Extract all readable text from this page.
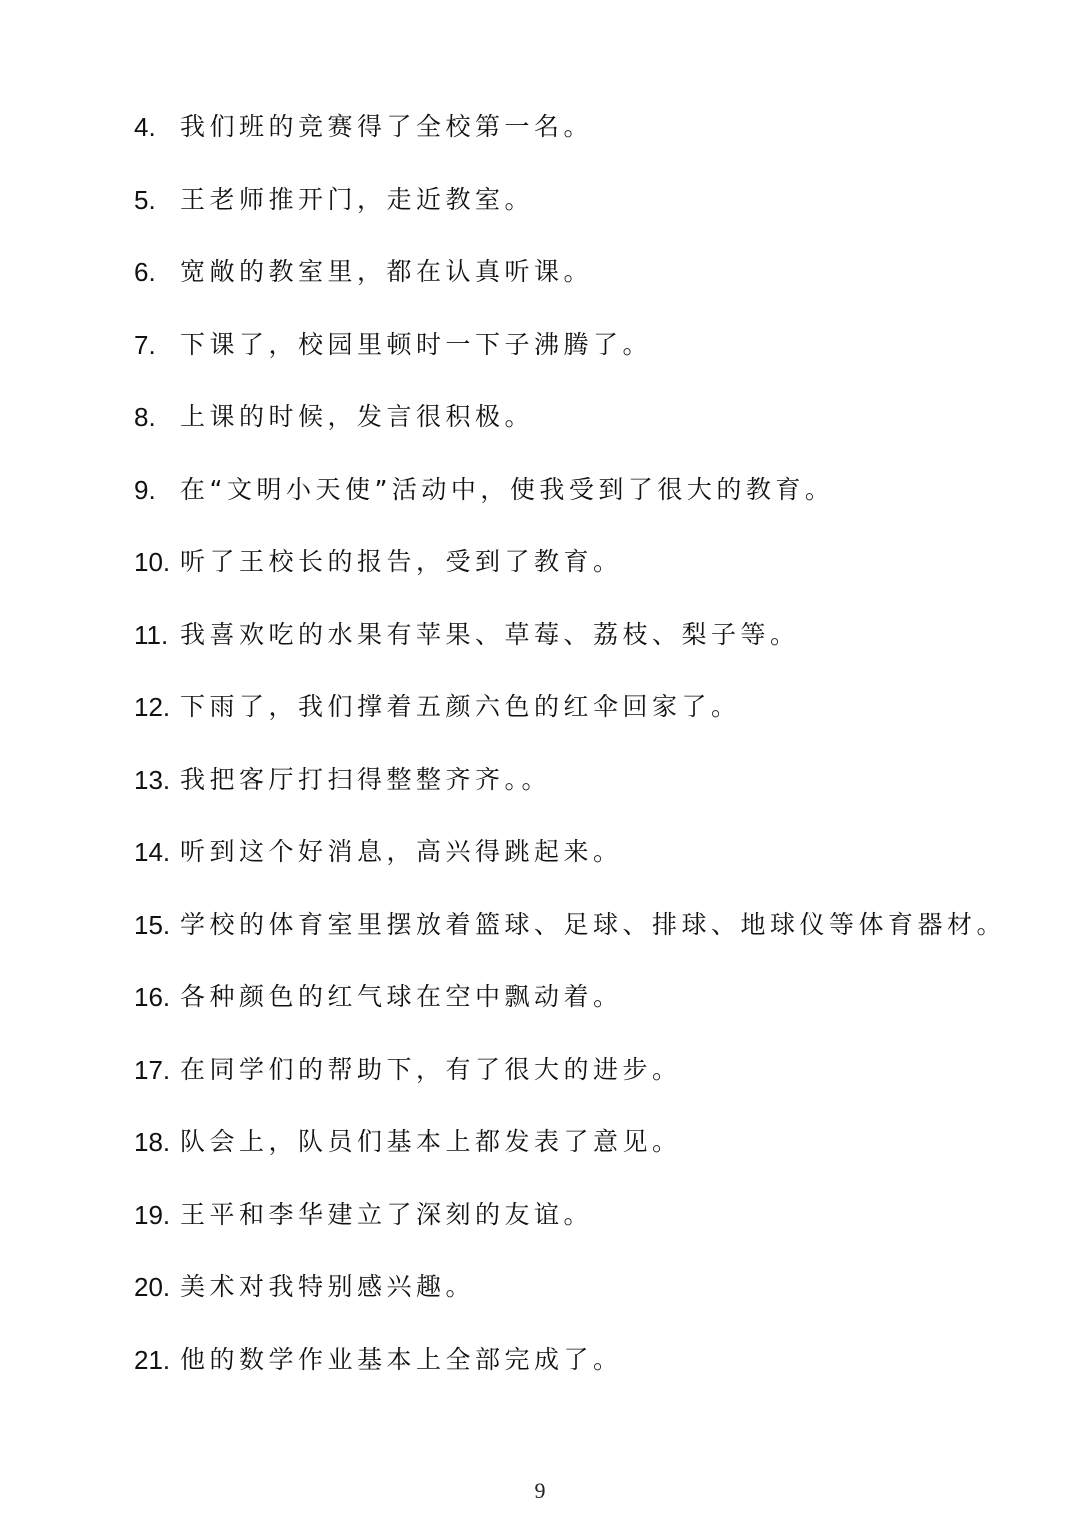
4. 我们班的竞赛得了全校第一名。
5. 王老师推开门，走近教室。
6. 宽敞的教室里，都在认真听课。
7. 下课了，校园里顿时一下子沸腾了。
8. 上课的时候，发言很积极。
9. 在“文明小天使”活动中，使我受到了很大的教育。
10. 听了王校长的报告，受到了教育。
11. 我喜欢吃的水果有苹果、草莓、荔枝、梨子等。
12. 下雨了，我们撑着五颜六色的红伞回家了。
13. 我把客厅打扫得整整齐齐。。
14. 听到这个好消息，高兴得跳起来。
15. 学校的体育室里摆放着篮球、足球、排球、地球仪等体育器材。
16. 各种颜色的红气球在空中飘动着。
17. 在同学们的帮助下，有了很大的进步。
18. 队会上，队员们基本上都发表了意见。
19. 王平和李华建立了深刻的友谊。
20. 美术对我特别感兴趣。
21. 他的数学作业基本上全部完成了。
9
